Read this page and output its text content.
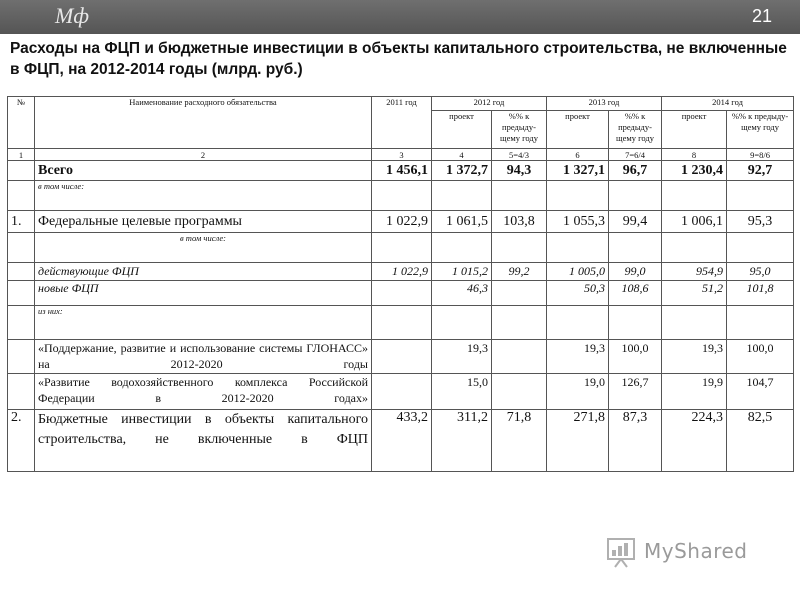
Мф	21
Расходы на ФЦП и бюджетные инвестиции в объекты капитального строительства, не включенные в ФЦП, на 2012-2014 годы (млрд. руб.)
№	Наименование расходного обязательства	2011 год	2012 год		2013 год		2014 год	
			проект	%% к предыду-щему году	проект	%% к предыду-щему году	проект	%% к предыду-щему году
1	2	3	4	5=4/3	6	7=6/4	8	9=8/6
	Всего	1 456,1	1 372,7	94,3	1 327,1	96,7	1 230,4	92,7
	в том числе:							
1.	Федеральные целевые программы	1 022,9	1 061,5	103,8	1 055,3	99,4	1 006,1	95,3
	в том числе:							
	действующие ФЦП	1 022,9	1 015,2	99,2	1 005,0	99,0	954,9	95,0
	новые ФЦП		46,3		50,3	108,6	51,2	101,8
	из них:							
	«Поддержание, развитие и использование системы ГЛОНАСС» на 2012-2020 годы		19,3		19,3	100,0	19,3	100,0
	«Развитие водохозяйственного комплекса Российской Федерации в 2012-2020 годах»		15,0		19,0	126,7	19,9	104,7
2.	Бюджетные инвестиции в объекты капитального строительства, не включенные в ФЦП	433,2	311,2	71,8	271,8	87,3	224,3	82,5
MyShared
